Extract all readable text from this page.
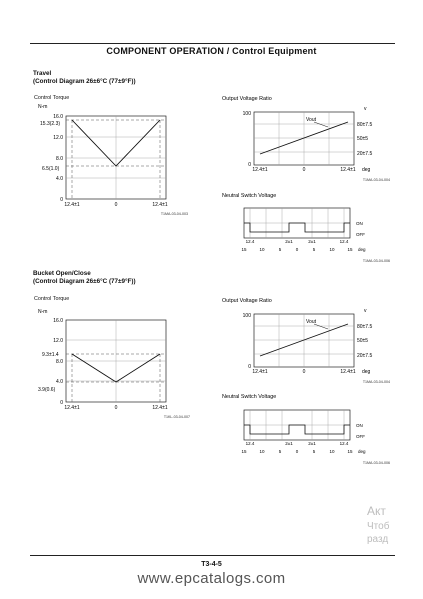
COMPONENT OPERATION / Control Equipment
Travel
(Control Diagram 26±6°C (77±9°F))
Control Torque
N-m
16.0
12.0
8.0
4.0
0
15.3(2.3)
6.5(1.0)
12.4±1	0	12.4±1
T1MA-03-04-003
Output Voltage Ratio
v
Vout
100
0
80±7.5
50±5
20±7.5
12.4±1	0	12.4±1 deg
T1MA-03-04-004
Neutral Switch Voltage
ON
OFF
12.4	2±1	2±1	12.4
15	10	5	0	5	10	15 deg
T1MA-03-04-006
Bucket Open/Close
(Control Diagram 26±6°C (77±9°F))
Control Torque
N-m
16.0
12.0
8.0
4.0
0
9.3±1.4
3.9(0.6)
12.4±1	0	12.4±1
T1KL-03-04-007
Output Voltage Ratio
v
Vout
100
0
80±7.5
50±5
20±7.5
12.4±1	0	12.4±1 deg
T1MA-03-04-004
Neutral Switch Voltage
ON
OFF
12.4	2±1	2±1	12.4
15	10	5	0	5	10	15 deg
T1MA-03-04-006
Акт
Чтоб
разд
T3-4-5
www.epcatalogs.com
